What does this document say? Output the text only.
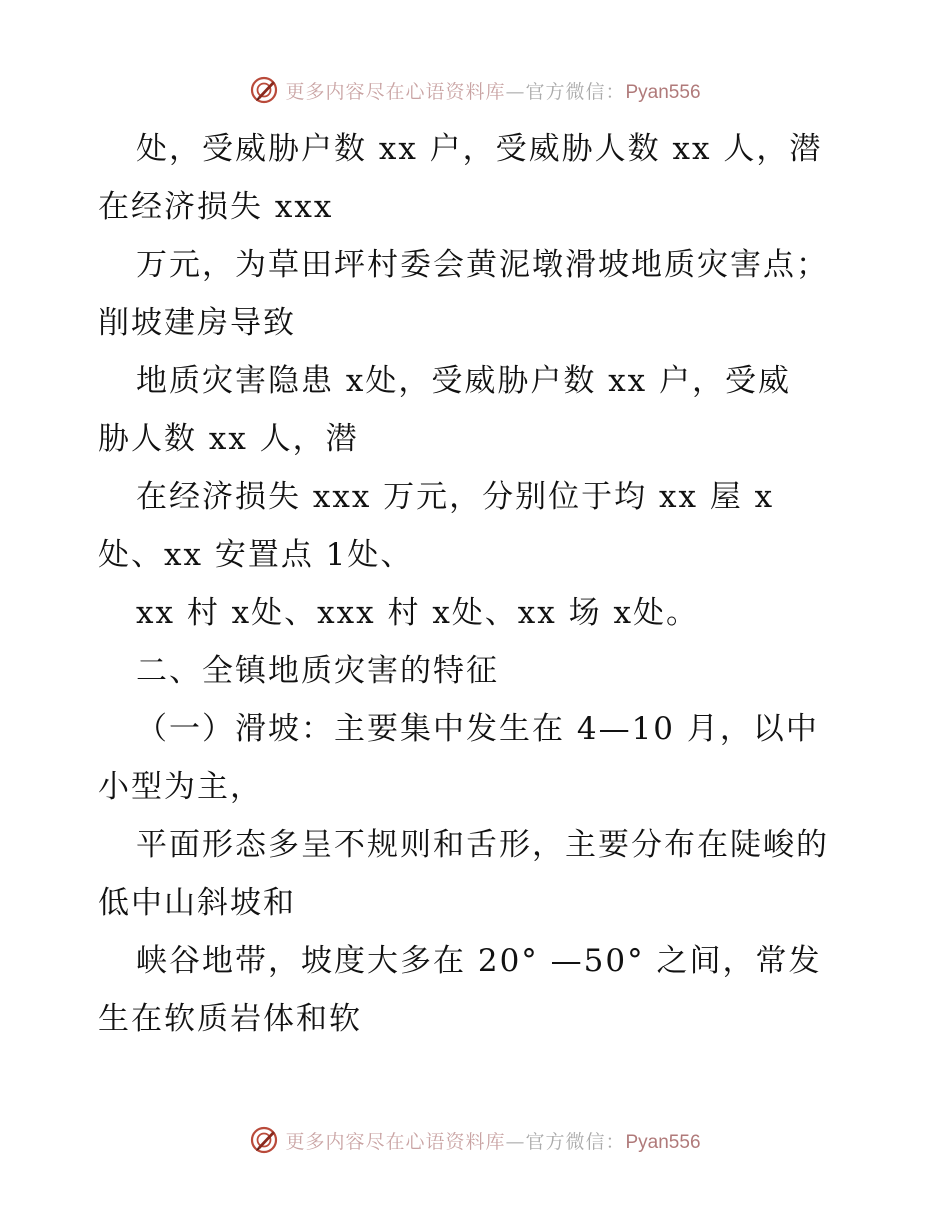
更多内容尽在心语资料库—官方微信：Pyan556
处，受威胁户数 xx 户，受威胁人数 xx 人，潜
在经济损失 xxx
万元，为草田坪村委会黄泥墩滑坡地质灾害点；
削坡建房导致
地质灾害隐患 x处，受威胁户数 xx 户，受威
胁人数 xx 人，潜
在经济损失 xxx 万元，分别位于均 xx 屋 x
处、xx 安置点 1处、
xx 村 x处、xxx 村 x处、xx 场 x处。
二、全镇地质灾害的特征
（一）滑坡：主要集中发生在 4—10 月，以中
小型为主，
平面形态多呈不规则和舌形，主要分布在陡峻的
低中山斜坡和
峡谷地带，坡度大多在 20° —50° 之间，常发
生在软质岩体和软
更多内容尽在心语资料库—官方微信：Pyan556
